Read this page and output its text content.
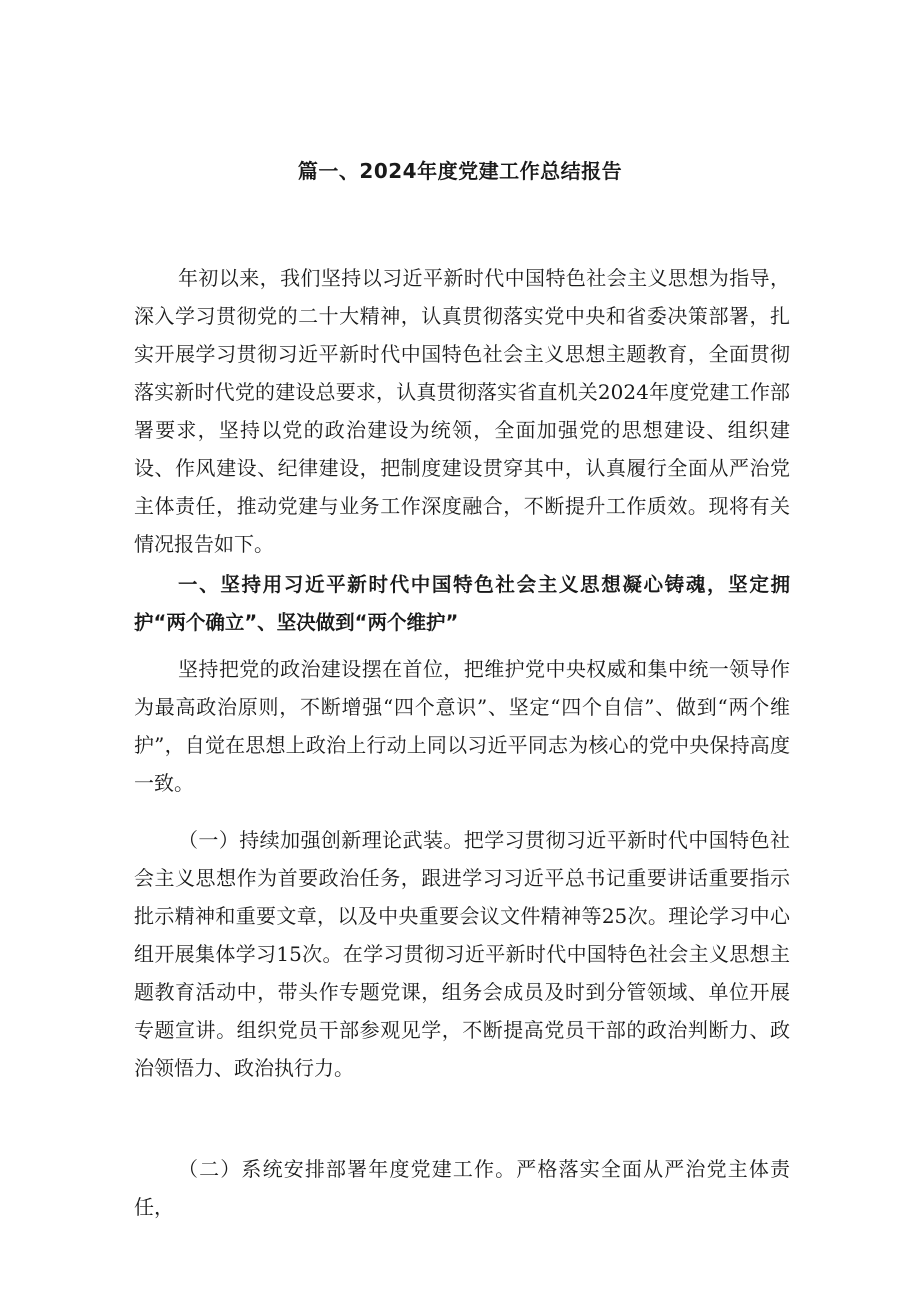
篇一、2024年度党建工作总结报告

年初以来，我们坚持以习近平新时代中国特色社会主义思想为指导，深入学习贯彻党的二十大精神，认真贯彻落实党中央和省委决策部署，扎实开展学习贯彻习近平新时代中国特色社会主义思想主题教育，全面贯彻落实新时代党的建设总要求，认真贯彻落实省直机关2024年度党建工作部署要求，坚持以党的政治建设为统领，全面加强党的思想建设、组织建设、作风建设、纪律建设，把制度建设贯穿其中，认真履行全面从严治党主体责任，推动党建与业务工作深度融合，不断提升工作质效。现将有关情况报告如下。

一、坚持用习近平新时代中国特色社会主义思想凝心铸魂，坚定拥护“两个确立”、坚决做到“两个维护”

坚持把党的政治建设摆在首位，把维护党中央权威和集中统一领导作为最高政治原则，不断增强“四个意识”、坚定“四个自信”、做到“两个维护”，自觉在思想上政治上行动上同以习近平同志为核心的党中央保持高度一致。

（一）持续加强创新理论武装。把学习贯彻习近平新时代中国特色社会主义思想作为首要政治任务，跟进学习习近平总书记重要讲话重要指示批示精神和重要文章，以及中央重要会议文件精神等25次。理论学习中心组开展集体学习15次。在学习贯彻习近平新时代中国特色社会主义思想主题教育活动中，带头作专题党课，组务会成员及时到分管领域、单位开展专题宣讲。组织党员干部参观见学，不断提高党员干部的政治判断力、政治领悟力、政治执行力。

（二）系统安排部署年度党建工作。严格落实全面从严治党主体责任，
